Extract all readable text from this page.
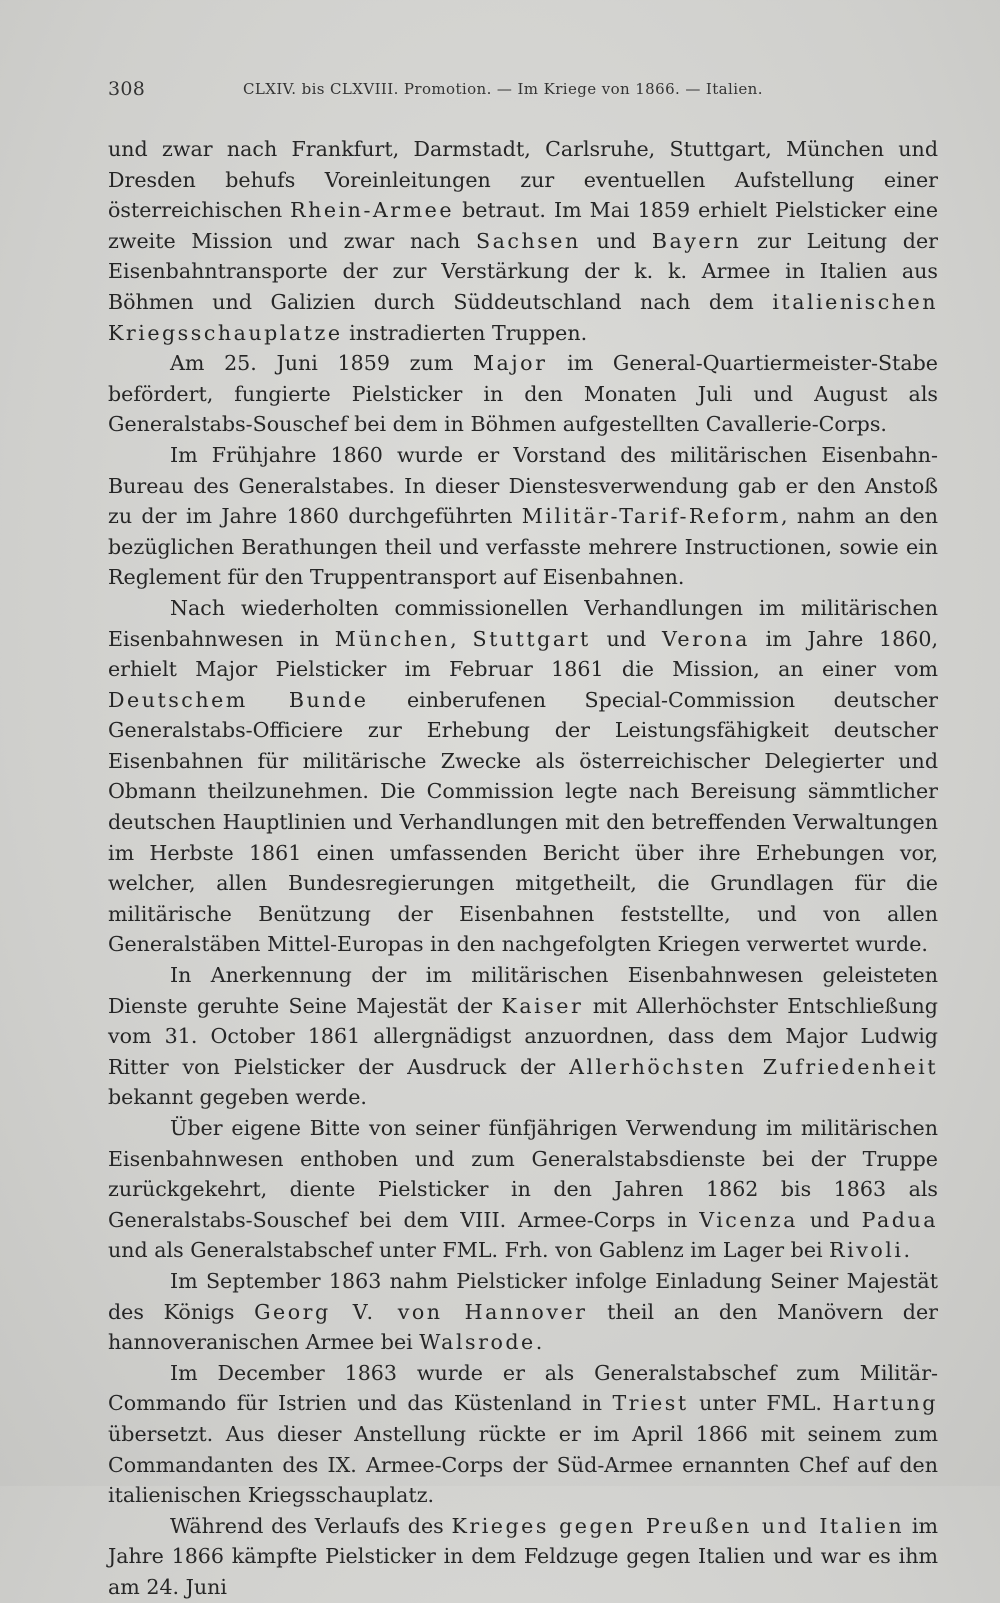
308	CLXIV. bis CLXVIII. Promotion. — Im Kriege von 1866. — Italien.

und zwar nach Frankfurt, Darmstadt, Carlsruhe, Stuttgart, München und Dresden behufs Voreinleitungen zur eventuellen Aufstellung einer österreichischen Rhein-Armee betraut. Im Mai 1859 erhielt Pielsticker eine zweite Mission und zwar nach Sachsen und Bayern zur Leitung der Eisenbahntransporte der zur Verstärkung der k. k. Armee in Italien aus Böhmen und Galizien durch Süddeutschland nach dem italienischen Kriegsschauplatze instradierten Truppen.

Am 25. Juni 1859 zum Major im General-Quartiermeister-Stabe befördert, fungierte Pielsticker in den Monaten Juli und August als Generalstabs-Souschef bei dem in Böhmen aufgestellten Cavallerie-Corps.

Im Frühjahre 1860 wurde er Vorstand des militärischen Eisenbahn-Bureau des Generalstabes. In dieser Dienstesverwendung gab er den Anstoß zu der im Jahre 1860 durchgeführten Militär-Tarif-Reform, nahm an den bezüglichen Berathungen theil und verfasste mehrere Instructionen, sowie ein Reglement für den Truppentransport auf Eisenbahnen.

Nach wiederholten commissionellen Verhandlungen im militärischen Eisenbahnwesen in München, Stuttgart und Verona im Jahre 1860, erhielt Major Pielsticker im Februar 1861 die Mission, an einer vom Deutschem Bunde einberufenen Special-Commission deutscher Generalstabs-Officiere zur Erhebung der Leistungsfähigkeit deutscher Eisenbahnen für militärische Zwecke als österreichischer Delegierter und Obmann theilzunehmen. Die Commission legte nach Bereisung sämmtlicher deutschen Hauptlinien und Verhandlungen mit den betreffenden Verwaltungen im Herbste 1861 einen umfassenden Bericht über ihre Erhebungen vor, welcher, allen Bundesregierungen mitgetheilt, die Grundlagen für die militärische Benützung der Eisenbahnen feststellte, und von allen Generalstäben Mittel-Europas in den nachgefolgten Kriegen verwertet wurde.

In Anerkennung der im militärischen Eisenbahnwesen geleisteten Dienste geruhte Seine Majestät der Kaiser mit Allerhöchster Entschließung vom 31. October 1861 allergnädigst anzuordnen, dass dem Major Ludwig Ritter von Pielsticker der Ausdruck der Allerhöchsten Zufriedenheit bekannt gegeben werde.

Über eigene Bitte von seiner fünfjährigen Verwendung im militärischen Eisenbahnwesen enthoben und zum Generalstabsdienste bei der Truppe zurückgekehrt, diente Pielsticker in den Jahren 1862 bis 1863 als Generalstabs-Souschef bei dem VIII. Armee-Corps in Vicenza und Padua und als Generalstabschef unter FML. Frh. von Gablenz im Lager bei Rivoli.

Im September 1863 nahm Pielsticker infolge Einladung Seiner Majestät des Königs Georg V. von Hannover theil an den Manövern der hannoveranischen Armee bei Walsrode.

Im December 1863 wurde er als Generalstabschef zum Militär-Commando für Istrien und das Küstenland in Triest unter FML. Hartung übersetzt. Aus dieser Anstellung rückte er im April 1866 mit seinem zum Commandanten des IX. Armee-Corps der Süd-Armee ernannten Chef auf den italienischen Kriegsschauplatz.

Während des Verlaufs des Krieges gegen Preußen und Italien im Jahre 1866 kämpfte Pielsticker in dem Feldzuge gegen Italien und war es ihm am 24. Juni
